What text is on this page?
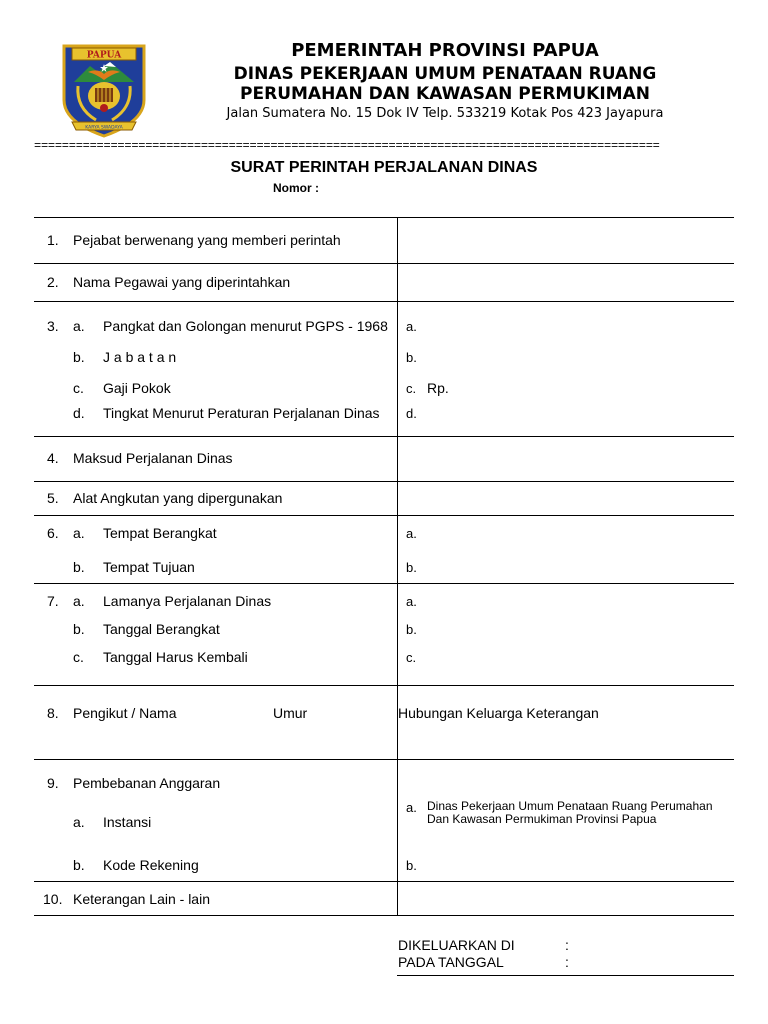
PAPUA
KARYA SWADAYA
PEMERINTAH PROVINSI PAPUA
DINAS PEKERJAAN UMUM PENATAAN RUANG
PERUMAHAN DAN KAWASAN PERMUKIMAN
Jalan Sumatera No. 15 Dok IV Telp. 533219 Kotak Pos 423 Jayapura
==========================================================================================
SURAT PERINTAH PERJALANAN DINAS
Nomor :
1. Pejabat berwenang yang memberi perintah
2. Nama Pegawai yang diperintahkan
3. a. Pangkat dan Golongan menurut PGPS - 1968 a.
b. J a b a t a n	b.
c. Gaji Pokok	c. Rp.
d. Tingkat Menurut Peraturan Perjalanan Dinas d.
4. Maksud Perjalanan Dinas
5. Alat Angkutan yang dipergunakan
6. a. Tempat Berangkat	a.
b. Tempat Tujuan	b.
7. a. Lamanya Perjalanan Dinas	a.
b. Tanggal Berangkat	b.
c. Tanggal Harus Kembali	c.
8. Pengikut / Nama	Umur	Hubungan Keluarga Keterangan
9. Pembebanan Anggaran
a. Instansi
a. Dinas Pekerjaan Umum Penataan Ruang Perumahan
Dan Kawasan Permukiman Provinsi Papua
b. Kode Rekening	b.
10. Keterangan Lain - lain
DIKELUARKAN DI	:
PADA TANGGAL	:
